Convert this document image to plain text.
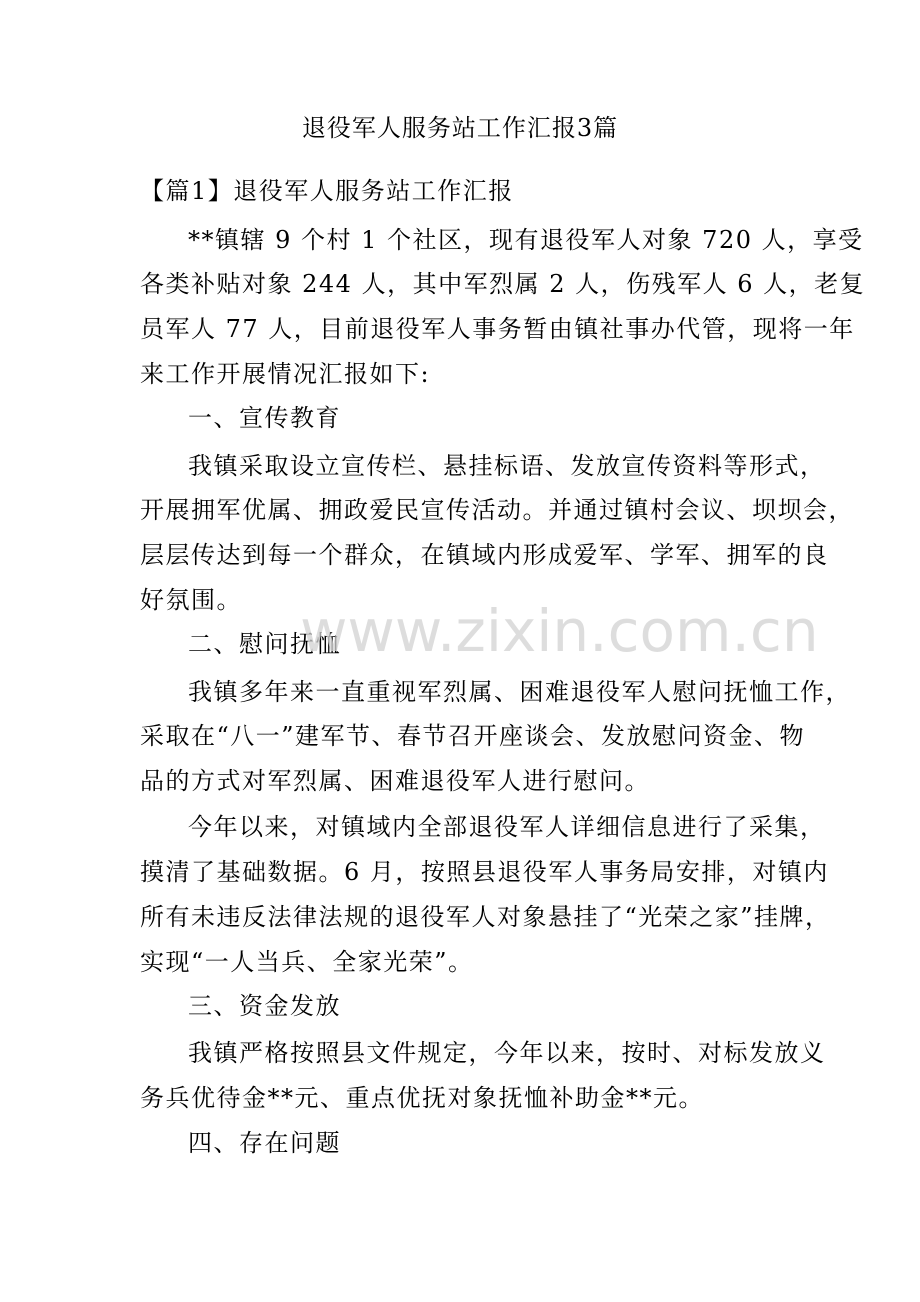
退役军人服务站工作汇报3篇
【篇1】退役军人服务站工作汇报
**镇辖 9 个村 1 个社区，现有退役军人对象 720 人，享受
各类补贴对象 244 人，其中军烈属 2 人，伤残军人 6 人，老复
员军人 77 人，目前退役军人事务暂由镇社事办代管，现将一年
来工作开展情况汇报如下:
一、宣传教育
我镇采取设立宣传栏、悬挂标语、发放宣传资料等形式，
开展拥军优属、拥政爱民宣传活动。并通过镇村会议、坝坝会，
层层传达到每一个群众，在镇域内形成爱军、学军、拥军的良
好氛围。
二、慰问抚恤
我镇多年来一直重视军烈属、困难退役军人慰问抚恤工作，
采取在“八一”建军节、春节召开座谈会、发放慰问资金、物
品的方式对军烈属、困难退役军人进行慰问。
今年以来，对镇域内全部退役军人详细信息进行了采集，
摸清了基础数据。6 月，按照县退役军人事务局安排，对镇内
所有未违反法律法规的退役军人对象悬挂了“光荣之家”挂牌，
实现“一人当兵、全家光荣”。
三、资金发放
我镇严格按照县文件规定，今年以来，按时、对标发放义
务兵优待金**元、重点优抚对象抚恤补助金**元。
四、存在问题
www.zixin.com.cn
